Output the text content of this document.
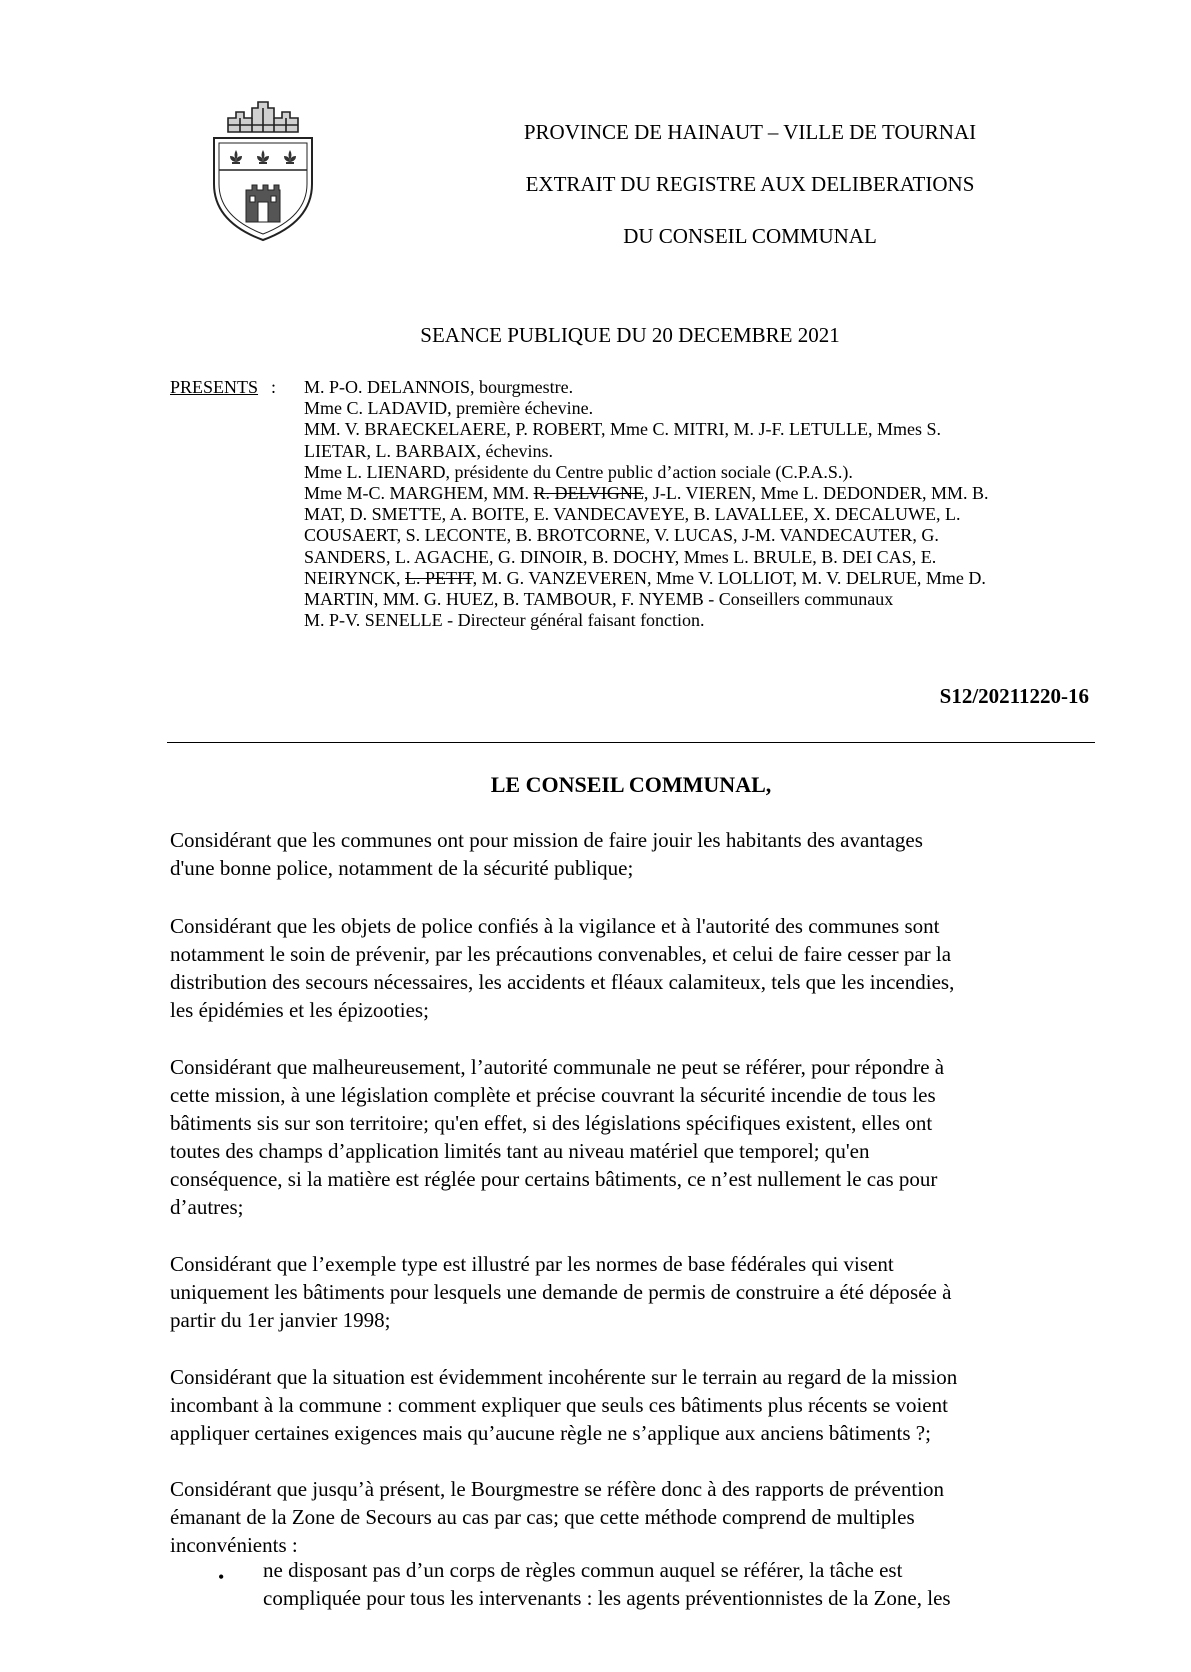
PROVINCE DE HAINAUT – VILLE DE TOURNAI
EXTRAIT DU REGISTRE AUX DELIBERATIONS
DU CONSEIL COMMUNAL
SEANCE PUBLIQUE DU 20 DECEMBRE 2021
PRESENTS : M. P-O. DELANNOIS, bourgmestre.
Mme C. LADAVID, première échevine.
MM. V. BRAECKELAERE, P. ROBERT, Mme C. MITRI, M. J-F. LETULLE, Mmes S.
LIETAR, L. BARBAIX, échevins.
Mme L. LIENARD, présidente du Centre public d’action sociale (C.P.A.S.).
Mme M-C. MARGHEM, MM. R. DELVIGNE, J-L. VIEREN, Mme L. DEDONDER, MM. B.
MAT, D. SMETTE, A. BOITE, E. VANDECAVEYE, B. LAVALLEE, X. DECALUWE, L.
COUSAERT, S. LECONTE, B. BROTCORNE, V. LUCAS, J-M. VANDECAUTER, G.
SANDERS, L. AGACHE, G. DINOIR, B. DOCHY, Mmes L. BRULE, B. DEI CAS, E.
NEIRYNCK, L. PETIT, M. G. VANZEVEREN, Mme V. LOLLIOT, M. V. DELRUE, Mme D.
MARTIN, MM. G. HUEZ, B. TAMBOUR, F. NYEMB - Conseillers communaux
M. P-V. SENELLE - Directeur général faisant fonction.
S12/20211220-16
LE CONSEIL COMMUNAL,
Considérant que les communes ont pour mission de faire jouir les habitants des avantages
d'une bonne police, notamment de la sécurité publique;
Considérant que les objets de police confiés à la vigilance et à l'autorité des communes sont
notamment le soin de prévenir, par les précautions convenables, et celui de faire cesser par la
distribution des secours nécessaires, les accidents et fléaux calamiteux, tels que les incendies,
les épidémies et les épizooties;
Considérant que malheureusement, l’autorité communale ne peut se référer, pour répondre à
cette mission, à une législation complète et précise couvrant la sécurité incendie de tous les
bâtiments sis sur son territoire; qu'en effet, si des législations spécifiques existent, elles ont
toutes des champs d’application limités tant au niveau matériel que temporel; qu'en
conséquence, si la matière est réglée pour certains bâtiments, ce n’est nullement le cas pour
d’autres;
Considérant que l’exemple type est illustré par les normes de base fédérales qui visent
uniquement les bâtiments pour lesquels une demande de permis de construire a été déposée à
partir du 1er janvier 1998;
Considérant que la situation est évidemment incohérente sur le terrain au regard de la mission
incombant à la commune : comment expliquer que seuls ces bâtiments plus récents se voient
appliquer certaines exigences mais qu’aucune règle ne s’applique aux anciens bâtiments ?;
Considérant que jusqu’à présent, le Bourgmestre se réfère donc à des rapports de prévention
émanant de la Zone de Secours au cas par cas; que cette méthode comprend de multiples
inconvénients :
• ne disposant pas d’un corps de règles commun auquel se référer, la tâche est
compliquée pour tous les intervenants : les agents préventionnistes de la Zone, les
